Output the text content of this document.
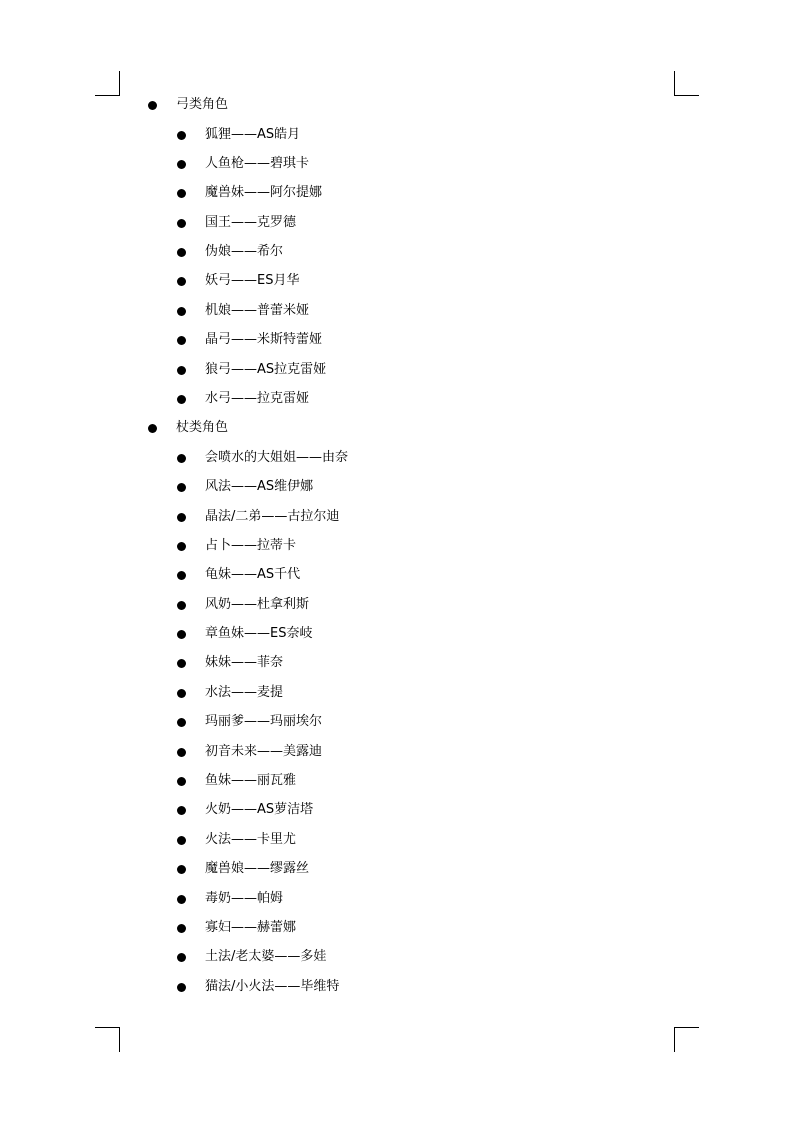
弓类角色
狐狸——AS皓月
人鱼枪——碧琪卡
魔兽妹——阿尔提娜
国王——克罗德
伪娘——希尔
妖弓——ES月华
机娘——普蕾米娅
晶弓——米斯特蕾娅
狼弓——AS拉克雷娅
水弓——拉克雷娅
杖类角色
会喷水的大姐姐——由奈
风法——AS维伊娜
晶法/二弟——古拉尔迪
占卜——拉蒂卡
龟妹——AS千代
风奶——杜拿利斯
章鱼妹——ES奈岐
妹妹——菲奈
水法——麦提
玛丽爹——玛丽埃尔
初音未来——美露迪
鱼妹——丽瓦雅
火奶——AS萝洁塔
火法——卡里尤
魔兽娘——缪露丝
毒奶——帕姆
寡妇——赫蕾娜
土法/老太婆——多娃
猫法/小火法——毕维特
